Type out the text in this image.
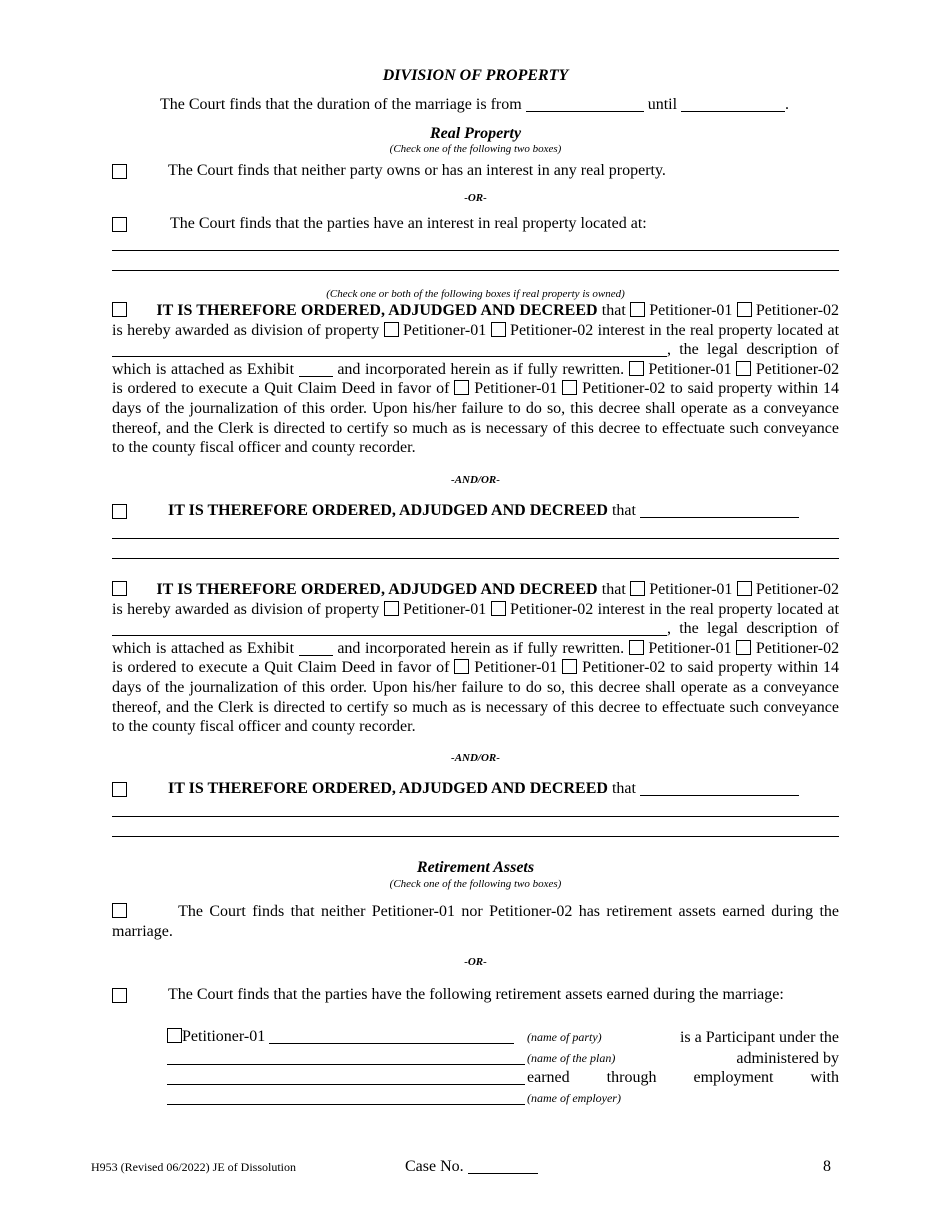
DIVISION OF PROPERTY
The Court finds that the duration of the marriage is from	until	.
Real Property
(Check one of the following two boxes)
The Court finds that neither party owns or has an interest in any real property.
-OR-
The Court finds that the parties have an interest in real property located at:
(Check one or both of the following boxes if real property is owned)
IT IS THEREFORE ORDERED, ADJUDGED AND DECREED that Petitioner-01 Petitioner-02 is hereby awarded as division of property Petitioner-01 Petitioner-02 interest in the real property located at , the legal description of which is attached as Exhibit	and incorporated herein as if fully rewritten. Petitioner-01 Petitioner-02 is ordered to execute a Quit Claim Deed in favor of Petitioner-01 Petitioner-02 to said property within 14 days of the journalization of this order. Upon his/her failure to do so, this decree shall operate as a conveyance thereof, and the Clerk is directed to certify so much as is necessary of this decree to effectuate such conveyance to the county fiscal officer and county recorder.
-AND/OR-
IT IS THEREFORE ORDERED, ADJUDGED AND DECREED that
IT IS THEREFORE ORDERED, ADJUDGED AND DECREED that Petitioner-01 Petitioner-02 is hereby awarded as division of property Petitioner-01 Petitioner-02 interest in the real property located at , the legal description of which is attached as Exhibit	and incorporated herein as if fully rewritten. Petitioner-01 Petitioner-02 is ordered to execute a Quit Claim Deed in favor of Petitioner-01 Petitioner-02 to said property within 14 days of the journalization of this order. Upon his/her failure to do so, this decree shall operate as a conveyance thereof, and the Clerk is directed to certify so much as is necessary of this decree to effectuate such conveyance to the county fiscal officer and county recorder.
-AND/OR-
IT IS THEREFORE ORDERED, ADJUDGED AND DECREED that
Retirement Assets
(Check one of the following two boxes)
The Court finds that neither Petitioner-01 nor Petitioner-02 has retirement assets earned during the marriage.
-OR-
The Court finds that the parties have the following retirement assets earned during the marriage:
Petitioner-01	(name of party)	is a Participant under the
(name of the plan)	administered by
earned through employment with
(name of employer)
H953 (Revised 06/2022) JE of Dissolution	Case No.	8
